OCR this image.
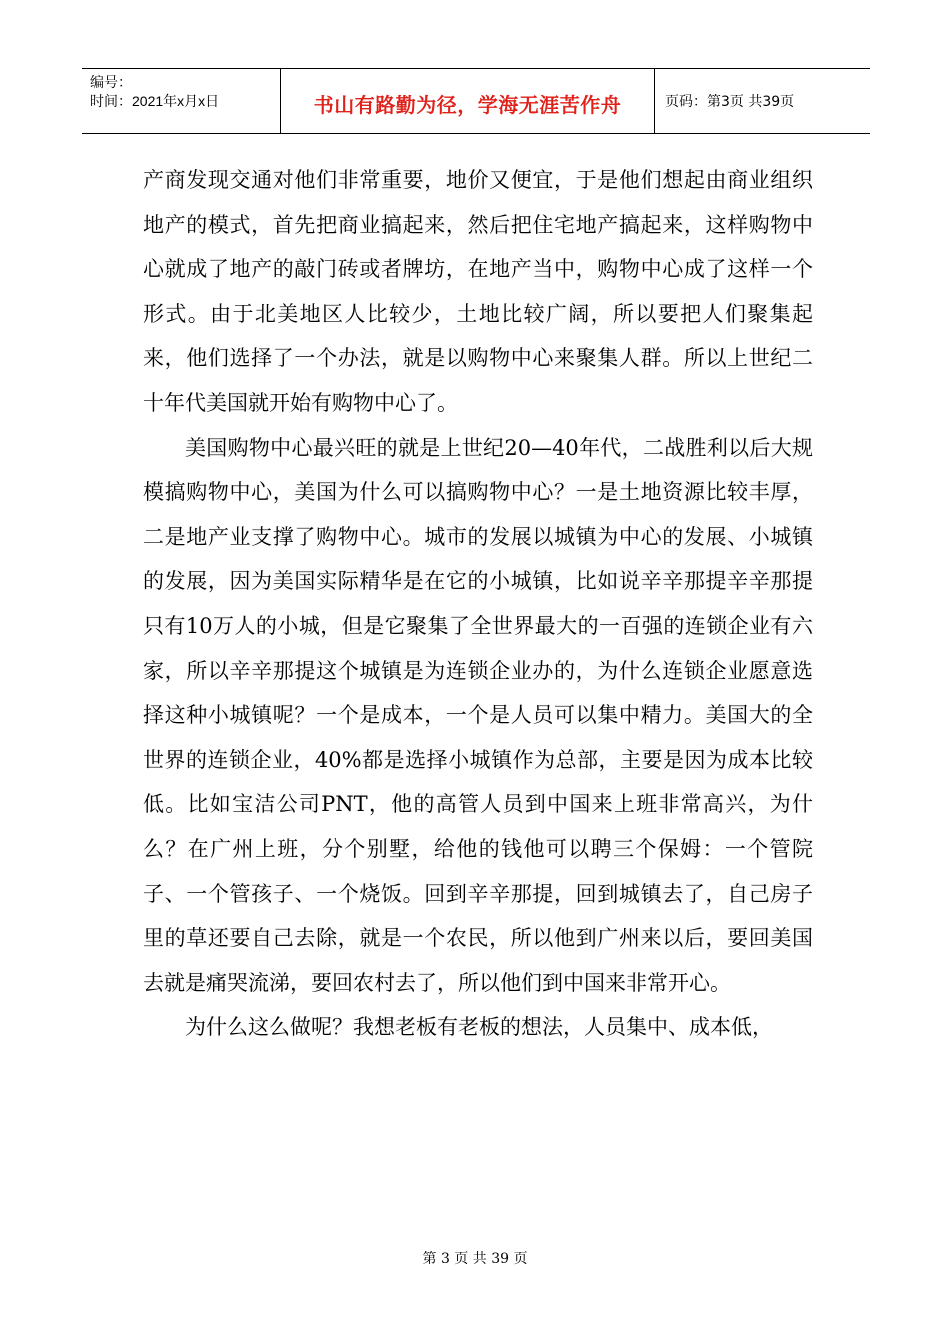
编号：
时间：2021年x月x日	书山有路勤为径，学海无涯苦作舟	页码：第3页 共39页

产商发现交通对他们非常重要，地价又便宜，于是他们想起由商业组织地产的模式，首先把商业搞起来，然后把住宅地产搞起来，这样购物中心就成了地产的敲门砖或者牌坊，在地产当中，购物中心成了这样一个形式。由于北美地区人比较少，土地比较广阔，所以要把人们聚集起来，他们选择了一个办法，就是以购物中心来聚集人群。所以上世纪二十年代美国就开始有购物中心了。

美国购物中心最兴旺的就是上世纪20—40年代，二战胜利以后大规模搞购物中心，美国为什么可以搞购物中心？一是土地资源比较丰厚，二是地产业支撑了购物中心。城市的发展以城镇为中心的发展、小城镇的发展，因为美国实际精华是在它的小城镇，比如说辛辛那提辛辛那提只有10万人的小城，但是它聚集了全世界最大的一百强的连锁企业有六家，所以辛辛那提这个城镇是为连锁企业办的，为什么连锁企业愿意选择这种小城镇呢？一个是成本，一个是人员可以集中精力。美国大的全世界的连锁企业，40%都是选择小城镇作为总部，主要是因为成本比较低。比如宝洁公司PNT，他的高管人员到中国来上班非常高兴，为什么？在广州上班，分个别墅，给他的钱他可以聘三个保姆：一个管院子、一个管孩子、一个烧饭。回到辛辛那提，回到城镇去了，自己房子里的草还要自己去除，就是一个农民，所以他到广州来以后，要回美国去就是痛哭流涕，要回农村去了，所以他们到中国来非常开心。

为什么这么做呢？我想老板有老板的想法，人员集中、成本低，

第 3 页 共 39 页
